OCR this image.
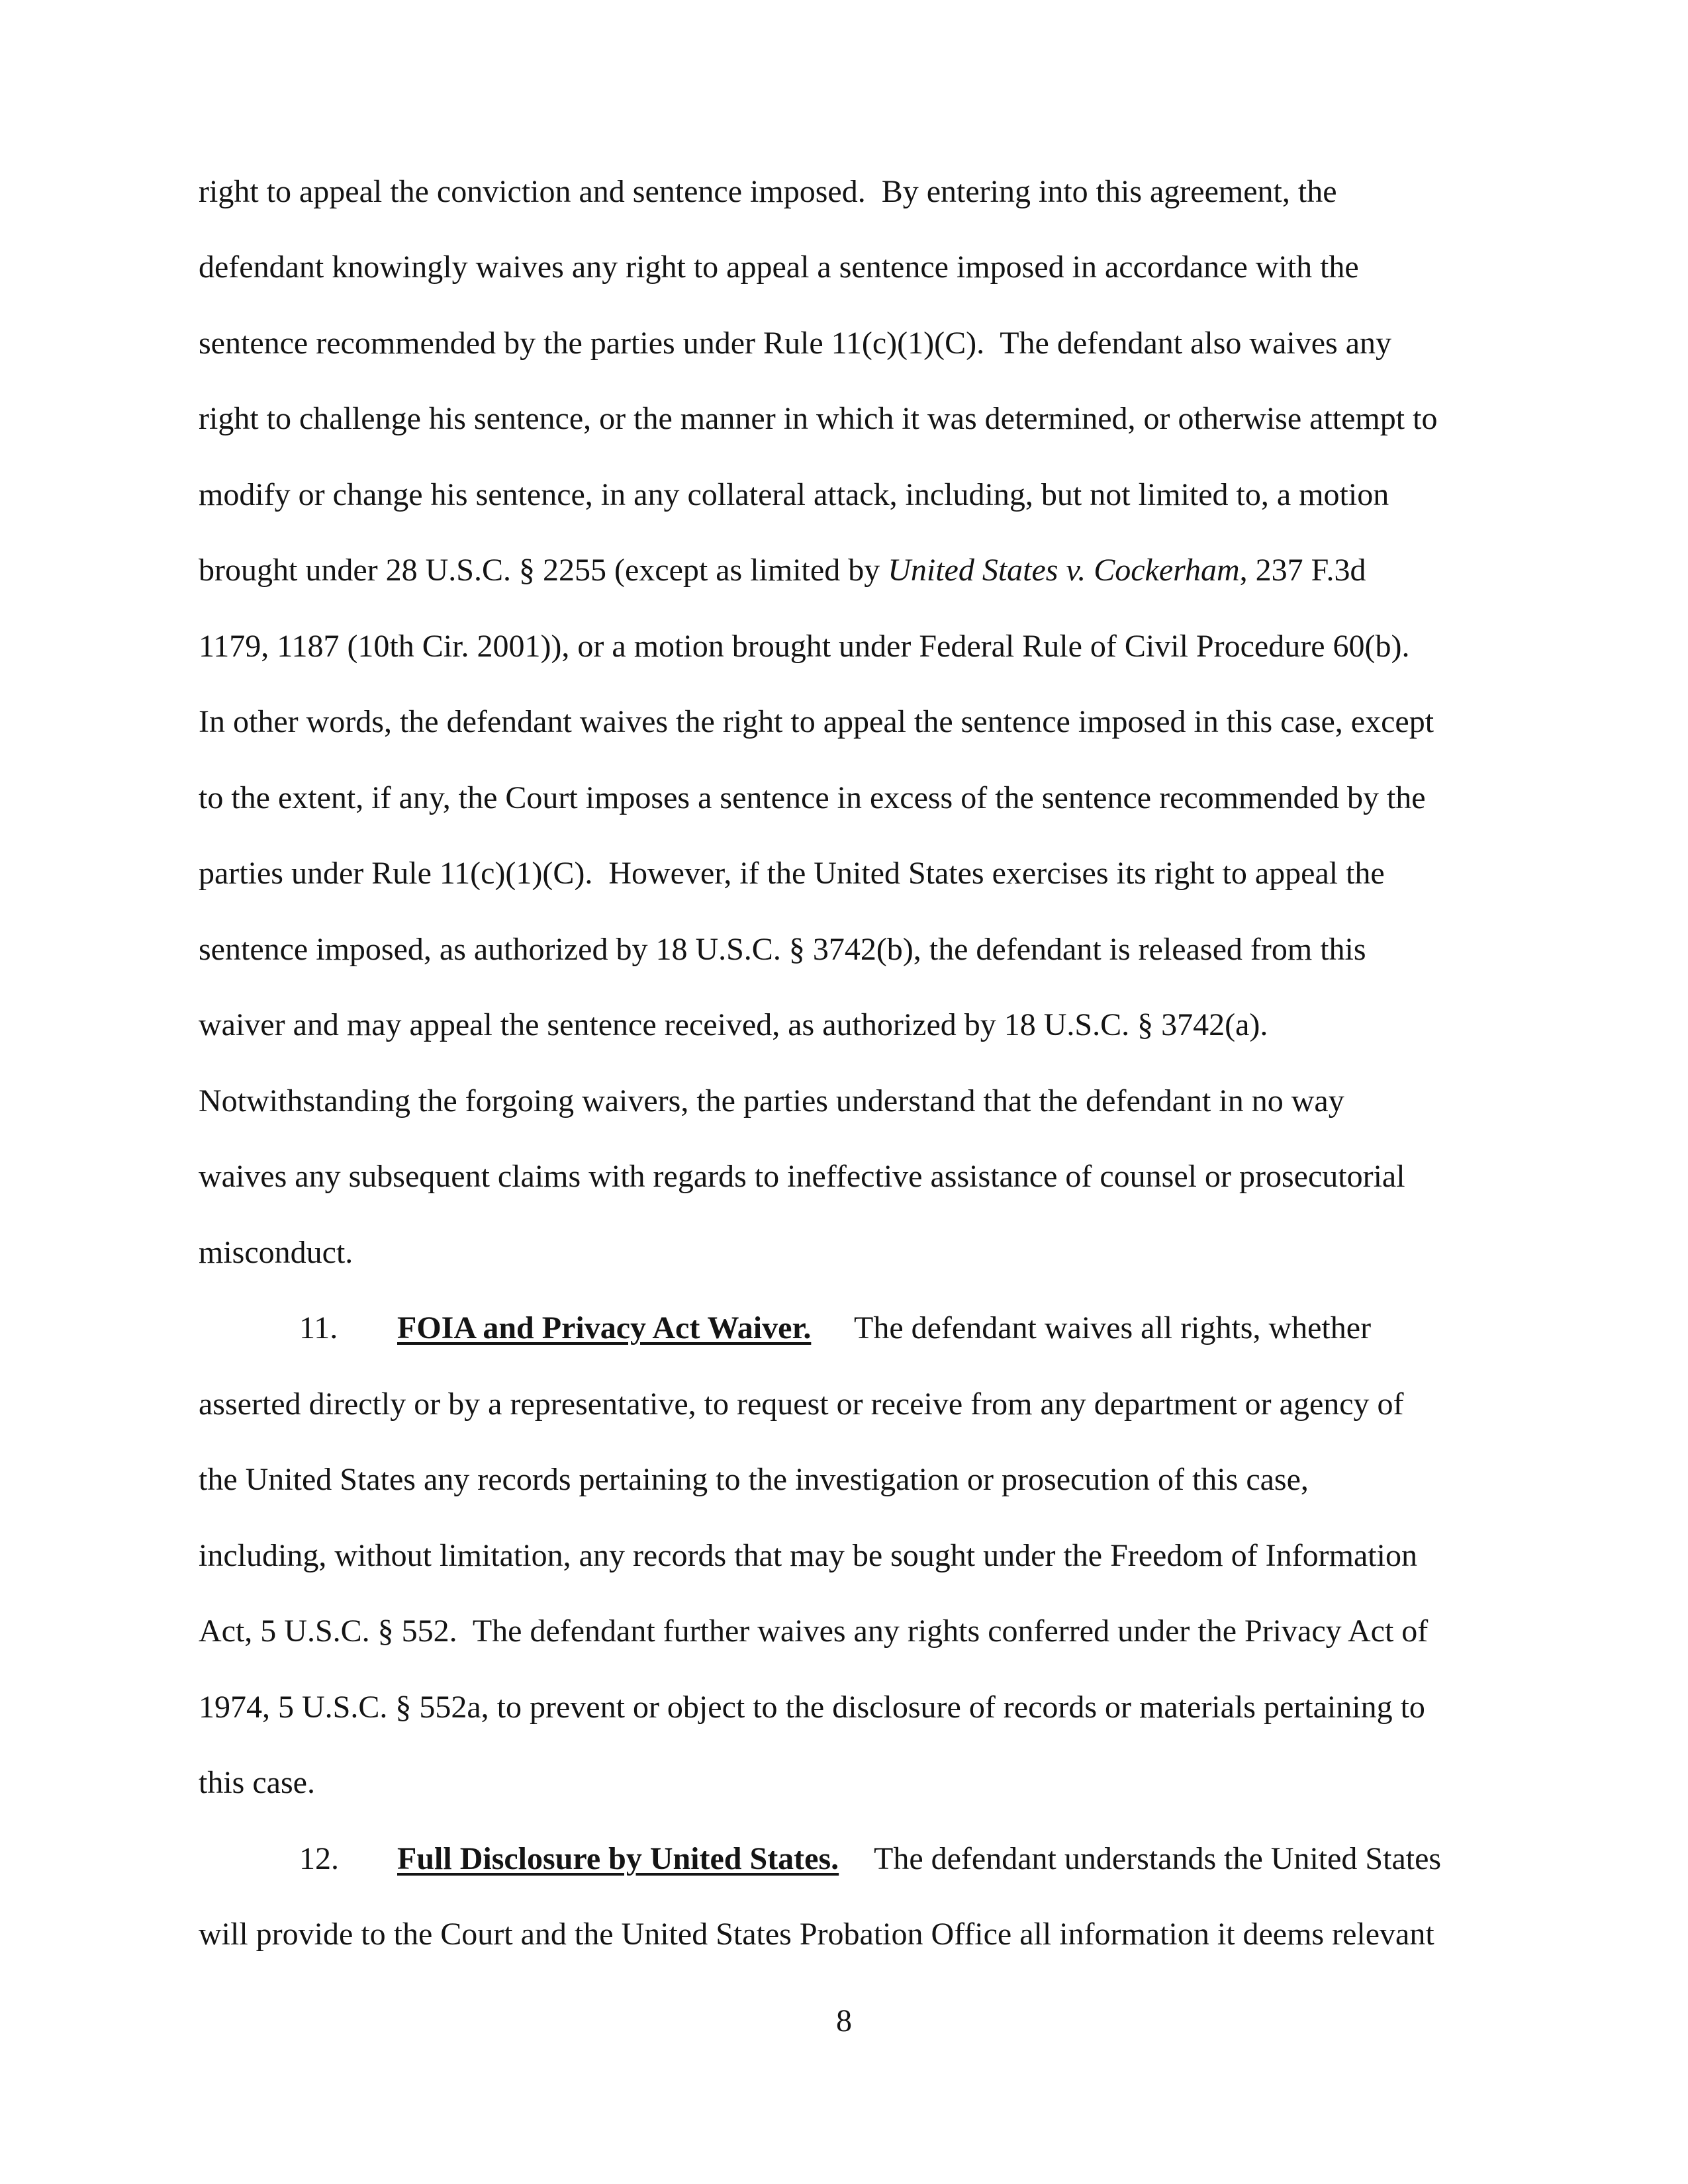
right to appeal the conviction and sentence imposed.  By entering into this agreement, the
defendant knowingly waives any right to appeal a sentence imposed in accordance with the
sentence recommended by the parties under Rule 11(c)(1)(C).  The defendant also waives any
right to challenge his sentence, or the manner in which it was determined, or otherwise attempt to
modify or change his sentence, in any collateral attack, including, but not limited to, a motion
brought under 28 U.S.C. § 2255 (except as limited by United States v. Cockerham, 237 F.3d
1179, 1187 (10th Cir. 2001)), or a motion brought under Federal Rule of Civil Procedure 60(b).
In other words, the defendant waives the right to appeal the sentence imposed in this case, except
to the extent, if any, the Court imposes a sentence in excess of the sentence recommended by the
parties under Rule 11(c)(1)(C).  However, if the United States exercises its right to appeal the
sentence imposed, as authorized by 18 U.S.C. § 3742(b), the defendant is released from this
waiver and may appeal the sentence received, as authorized by 18 U.S.C. § 3742(a).
Notwithstanding the forgoing waivers, the parties understand that the defendant in no way
waives any subsequent claims with regards to ineffective assistance of counsel or prosecutorial
misconduct.
11. FOIA and Privacy Act Waiver. The defendant waives all rights, whether
asserted directly or by a representative, to request or receive from any department or agency of
the United States any records pertaining to the investigation or prosecution of this case,
including, without limitation, any records that may be sought under the Freedom of Information
Act, 5 U.S.C. § 552.  The defendant further waives any rights conferred under the Privacy Act of
1974, 5 U.S.C. § 552a, to prevent or object to the disclosure of records or materials pertaining to
this case.
12. Full Disclosure by United States. The defendant understands the United States
will provide to the Court and the United States Probation Office all information it deems relevant
8
